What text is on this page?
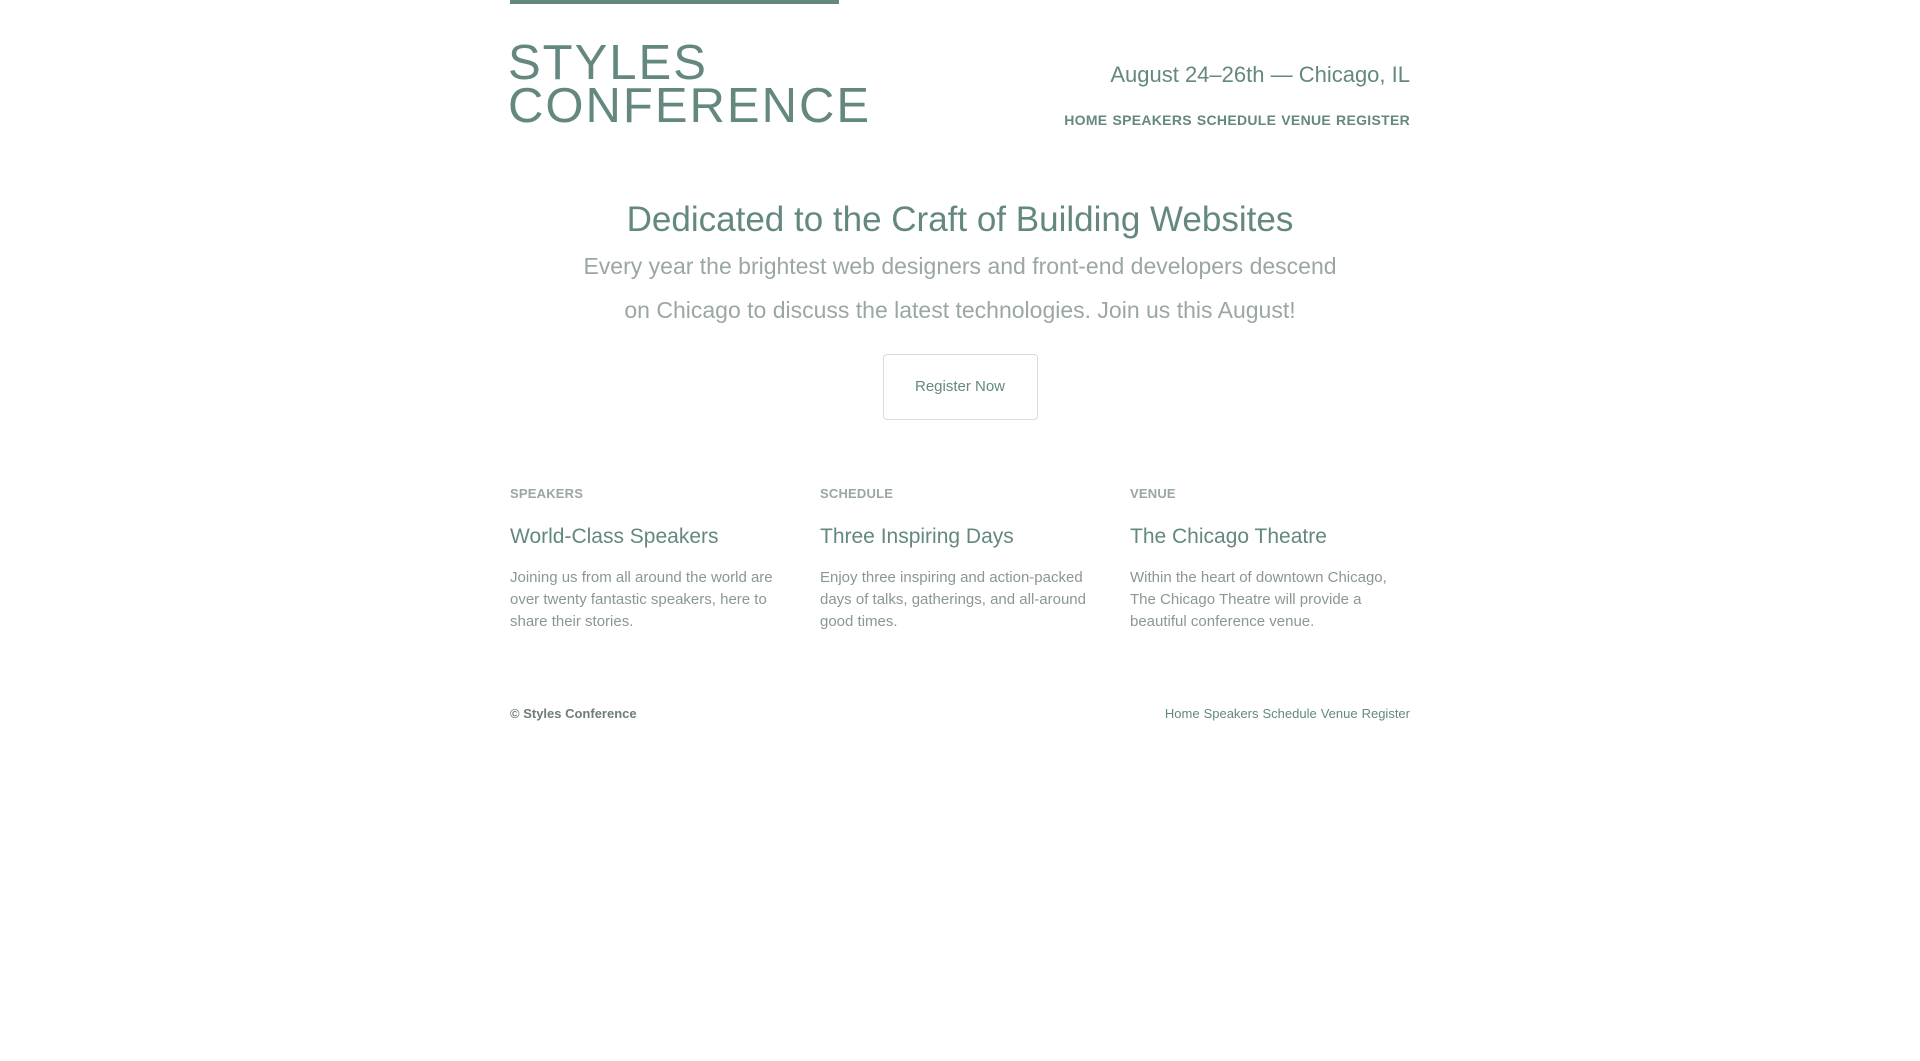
STYLES
CONFERENCE
August 24–26th — Chicago, IL
HOME SPEAKERS SCHEDULE VENUE REGISTER
Dedicated to the Craft of Building Websites

Every year the brightest web designers and front-end developers descend on Chicago to discuss the latest technologies. Join us this August!

Register Now
SPEAKERS
World-Class Speakers

Joining us from all around the world are over twenty fantastic speakers, here to share their stories.

SCHEDULE
Three Inspiring Days

Enjoy three inspiring and action-packed days of talks, gatherings, and all-around good times.

VENUE
The Chicago Theatre

Within the heart of downtown Chicago, The Chicago Theatre will provide a beautiful conference venue.

© Styles Conference	Home Speakers Schedule Venue Register
